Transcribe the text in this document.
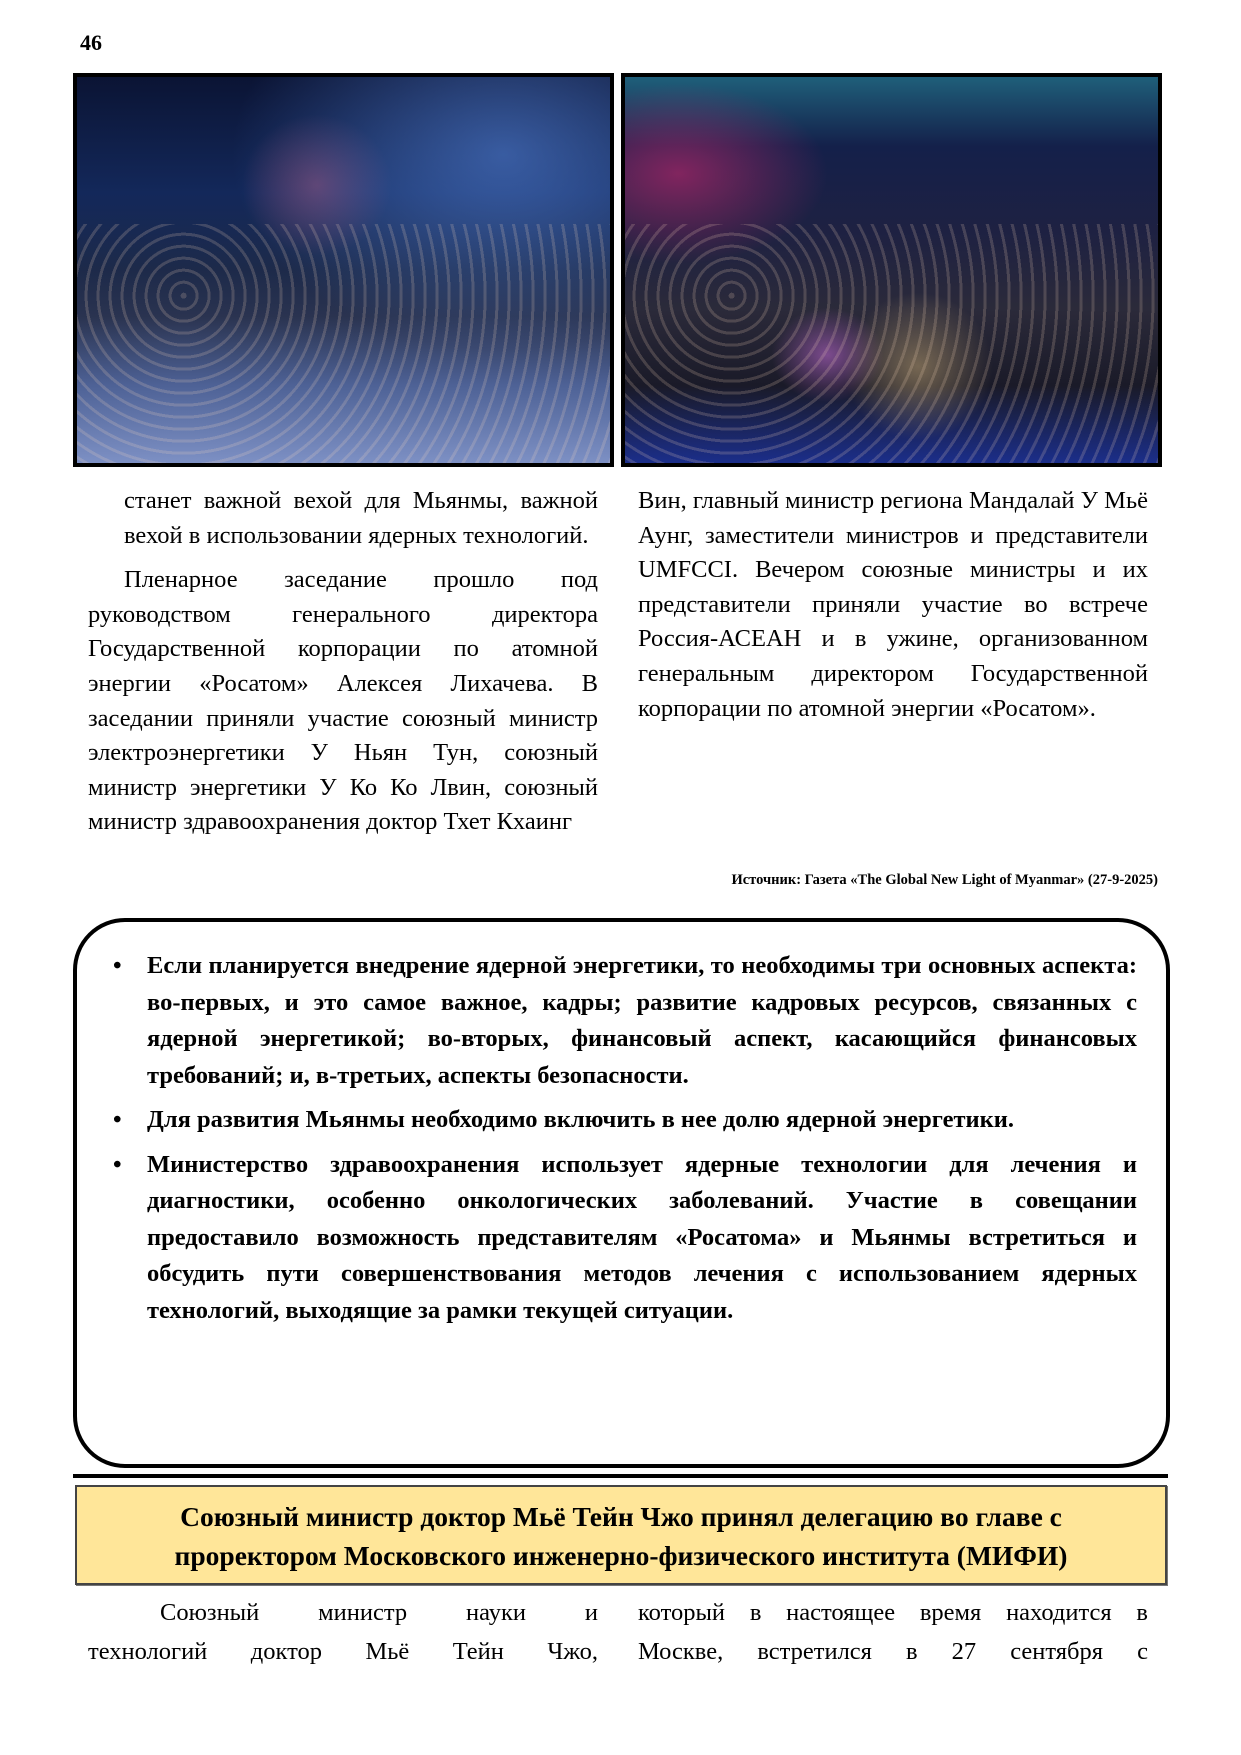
46

станет важной вехой для Мьянмы, важной вехой в использовании ядерных технологий.

Пленарное заседание прошло под руководством генерального директора Государственной корпорации по атомной энергии «Росатом» Алексея Лихачева. В заседании приняли участие союзный министр электроэнергетики У Ньян Тун, союзный министр энергетики У Ко Ко Лвин, союзный министр здравоохранения доктор Тхет Кхаинг

Вин, главный министр региона Мандалай У Мьё Аунг, заместители министров и представители UMFCCI. Вечером союзные министры и их представители приняли участие во встрече Россия-АСЕАН и в ужине, организованном генеральным директором Государственной корпорации по атомной энергии «Росатом».

Источник: Газета «The Global New Light of Myanmar» (27-9-2025)
• Если планируется внедрение ядерной энергетики, то необходимы три основных аспекта: во-первых, и это самое важное, кадры; развитие кадровых ресурсов, связанных с ядерной энергетикой; во-вторых, финансовый аспект, касающийся финансовых требований; и, в-третьих, аспекты безопасности.
• Для развития Мьянмы необходимо включить в нее долю ядерной энергетики.
• Министерство здравоохранения использует ядерные технологии для лечения и диагностики, особенно онкологических заболеваний. Участие в совещании предоставило возможность представителям «Росатома» и Мьянмы встретиться и обсудить пути совершенствования методов лечения с использованием ядерных технологий, выходящие за рамки текущей ситуации.
Союзный министр доктор Мьё Тейн Чжо принял делегацию во главе с
проректором Московского инженерно-физического института (МИФИ)
Союзный министр науки и
технологий доктор Мьё Тейн Чжо,
который в настоящее время находится в
Москве, встретился в 27 сентября с
